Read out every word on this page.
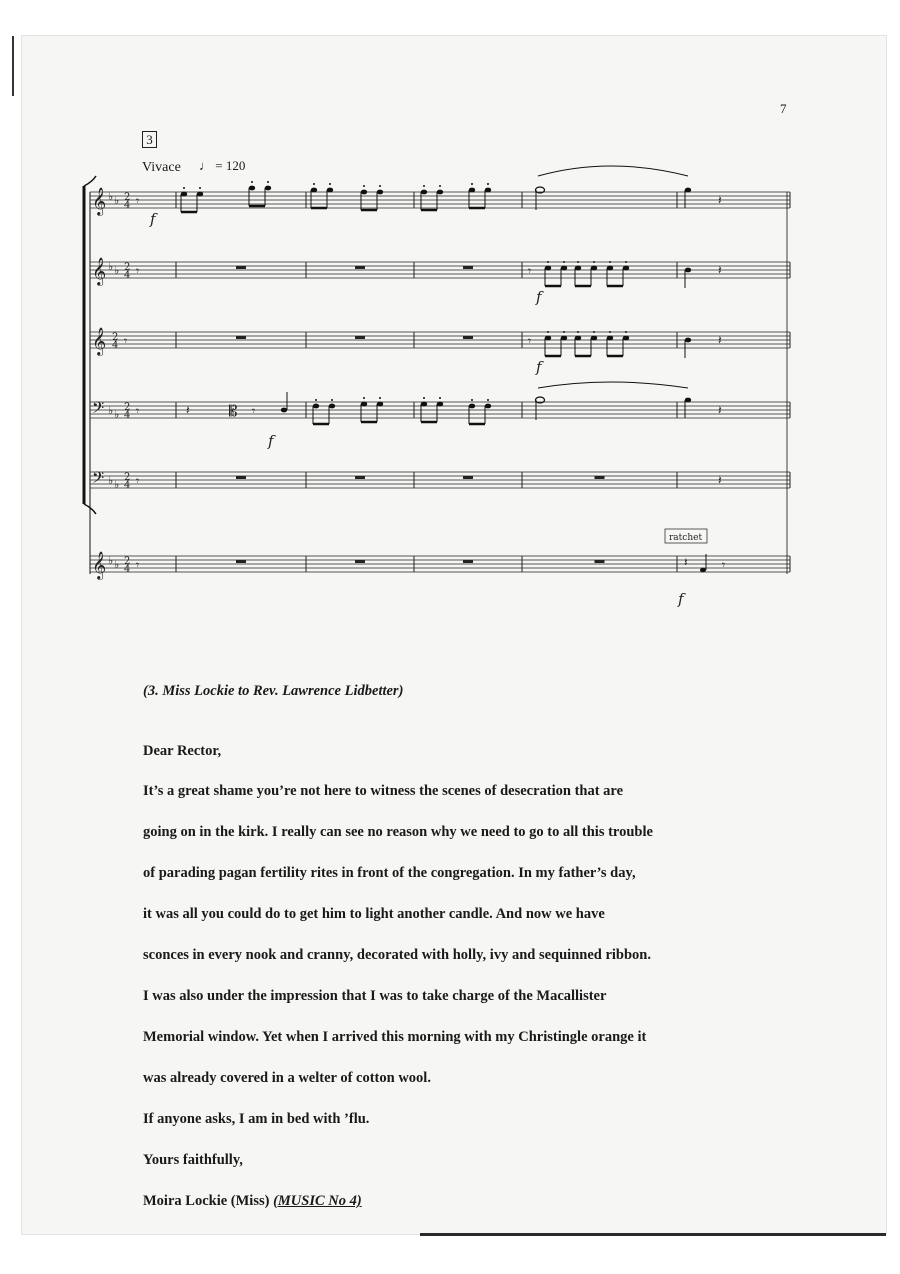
7
3
Vivace ♩ = 120
𝄞 ♭ ♭ 2
4 𝄾
𝄞 ♭ ♭ 2
4 𝄾
𝄞 2
4 𝄾
𝄢 ♭ ♭
2
4 𝄾
𝄢 ♭ ♭
2
4 𝄾
𝄞 ♭ ♭ 2
4 𝄾
𝄽
f
𝄾	𝄽
f
𝄾	𝄽
f
𝄽	𝄡 𝄾
f
𝄽
𝄽
ratchet
𝄽	𝄾
f
(3. Miss Lockie to Rev. Lawrence Lidbetter)
Dear Rector,
It’s a great shame you’re not here to witness the scenes of desecration that are
going on in the kirk. I really can see no reason why we need to go to all this trouble
of parading pagan fertility rites in front of the congregation. In my father’s day,
it was all you could do to get him to light another candle. And now we have
sconces in every nook and cranny, decorated with holly, ivy and sequinned ribbon.
I was also under the impression that I was to take charge of the Macallister
Memorial window. Yet when I arrived this morning with my Christingle orange it
was already covered in a welter of cotton wool.
If anyone asks, I am in bed with ’flu.
Yours faithfully,
Moira Lockie (Miss) (MUSIC No 4)
